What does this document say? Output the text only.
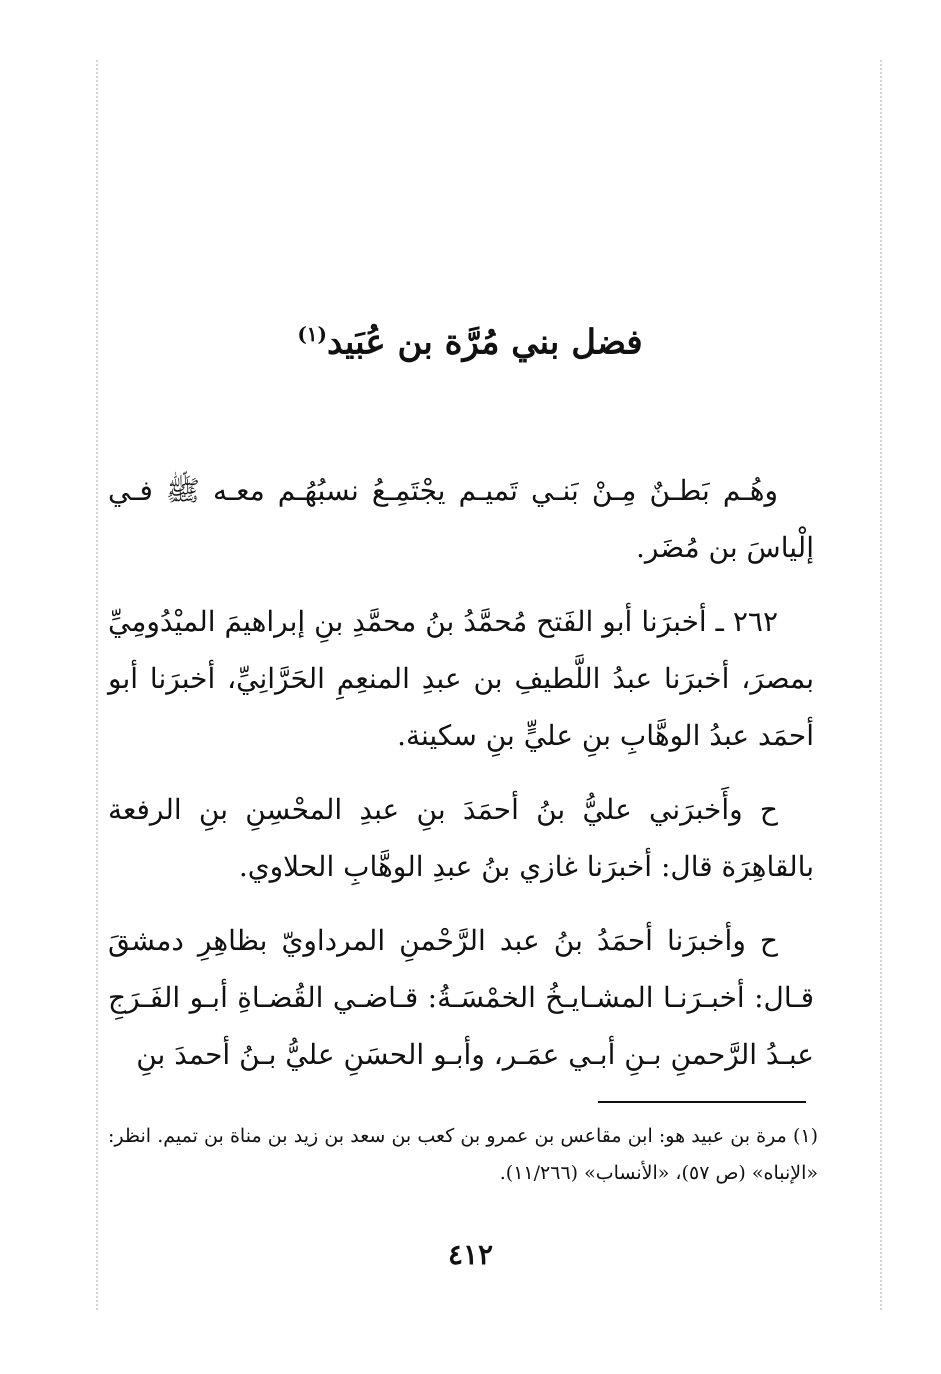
فضل بني مُرَّة بن عُبَيد$^{(١)}$

وهُـم بَطـنٌ مِـنْ بَنـي تَميـم يجْتَمِـعُ نسبُهُـم معـه ﷺ فـي إلْياسَ بن مُضَر.

٢٦٢ ـ أخبرَنا أبو الفَتح مُحمَّدُ بنُ محمَّدِ بنِ إبراهيمَ الميْدُومِيِّ بمصرَ، أخبرَنا عبدُ اللَّطيفِ بن عبدِ المنعِمِ الحَرَّانِيِّ، أخبرَنا أبو أحمَد عبدُ الوهَّابِ بنِ عليٍّ بنِ سكينة.

ح وأَخبرَني عليُّ بنُ أحمَدَ بنِ عبدِ المحْسِنِ بنِ الرفعة بالقاهِرَة قال: أخبرَنا غازي بنُ عبدِ الوهَّابِ الحلاوي.

ح وأخبرَنا أحمَدُ بنُ عبد الرَّحْمنِ المرداويّ بظاهِرِ دمشقَ قـال: أخبـرَنـا المشـايـخُ الخمْسَـةُ: قـاضـي القُضـاةِ أبـو الفَـرَجِ عبـدُ الرَّحمنِ بـنِ أبـي عمَـر، وأبـو الحسَنِ عليُّ بـنُ أحمدَ بنِ

(١) مرة بن عبيد هو: ابن مقاعس بن عمرو بن كعب بن سعد بن زيد بن مناة بن تميم. انظر: «الإنباه» (ص ٥٧)، «الأنساب» (١١/٢٦٦).
٤١٢
